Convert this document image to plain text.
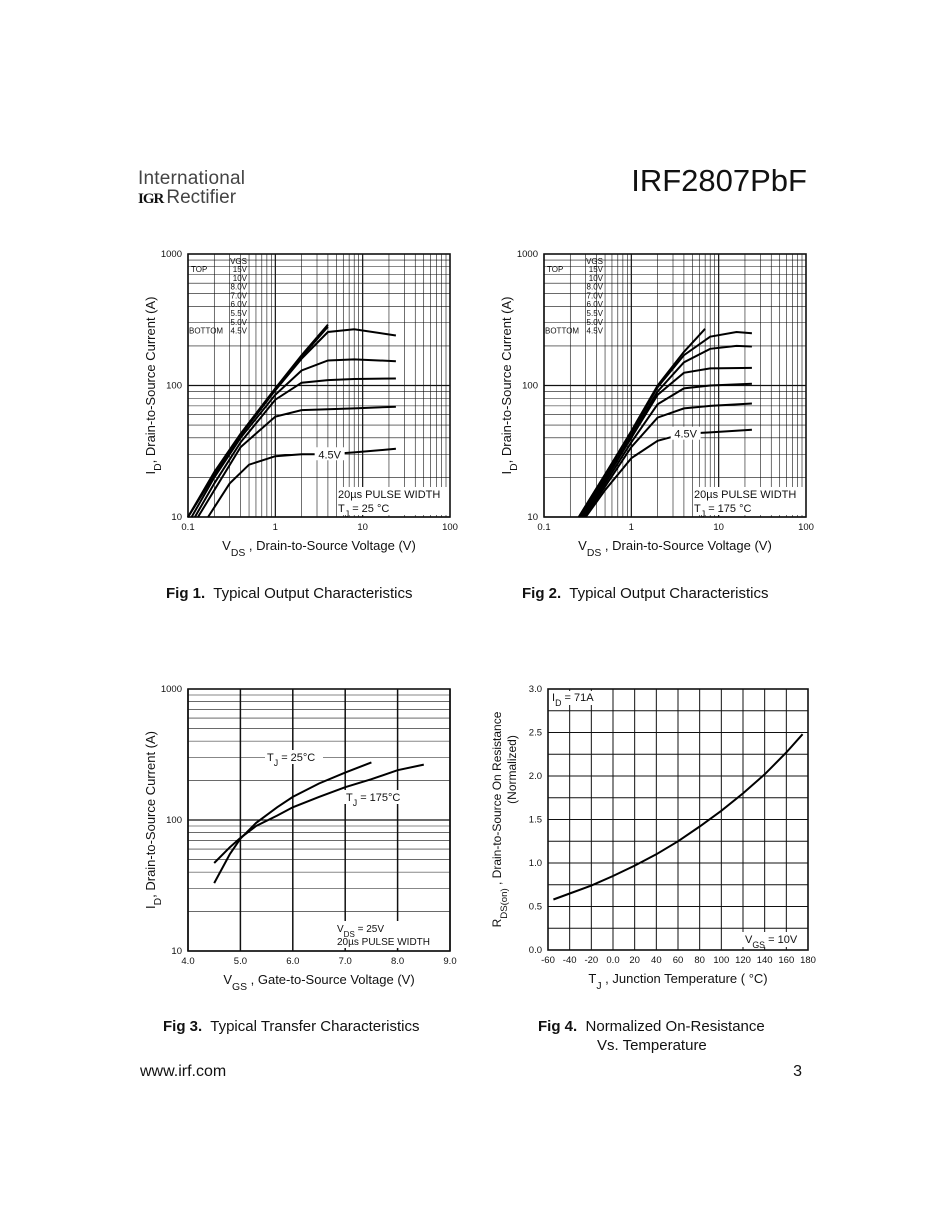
International
IGR Rectifier	IRF2807PbF
0.1	1	10	100
10
100
1000
$V_{DS}$ , Drain-to-Source Voltage (V)
$I_D$, Drain-to-Source Current (A)
VGS
TOP	15V
10V
8.0V
7.0V
6.0V
5.5V
5.0V
4.5V
BOTTOM
4.5V
20µs PULSE WIDTH
$T_J = 25$ °C
0.1	1	10	100
10
100
1000
$V_{DS}$ , Drain-to-Source Voltage (V)
$I_D$, Drain-to-Source Current (A)
VGS
TOP	15V
10V
8.0V
7.0V
6.0V
5.5V
5.0V
4.5V
BOTTOM
4.5V
20µs PULSE WIDTH
$T_J = 175$ °C
4.0	5.0	6.0	7.0	8.0	9.0
10
100
1000
$V_{GS}$ , Gate-to-Source Voltage (V)
$I_D$, Drain-to-Source Current (A)
$V_{DS} = 25V$
20µs PULSE WIDTH
$T_J = 25^\circ C$
$T_J = 175^\circ C$
-60 -40 -20 0.0 20 40 60 80 100 120 140 160 180
0.0
0.5
1.0
1.5
2.0
2.5
3.0
$T_J$ , Junction Temperature ( °C)
$R_{DS(on)}$ , Drain-to-Source On Resistance (Normalized)
$I_D = 71A$
$V_{GS} = 10V$
Fig 1. Typical Output Characteristics	Fig 2. Typical Output Characteristics
Fig 3. Typical Transfer Characteristics	Fig 4. Normalized On-Resistance
Vs. Temperature
www.irf.com	3
